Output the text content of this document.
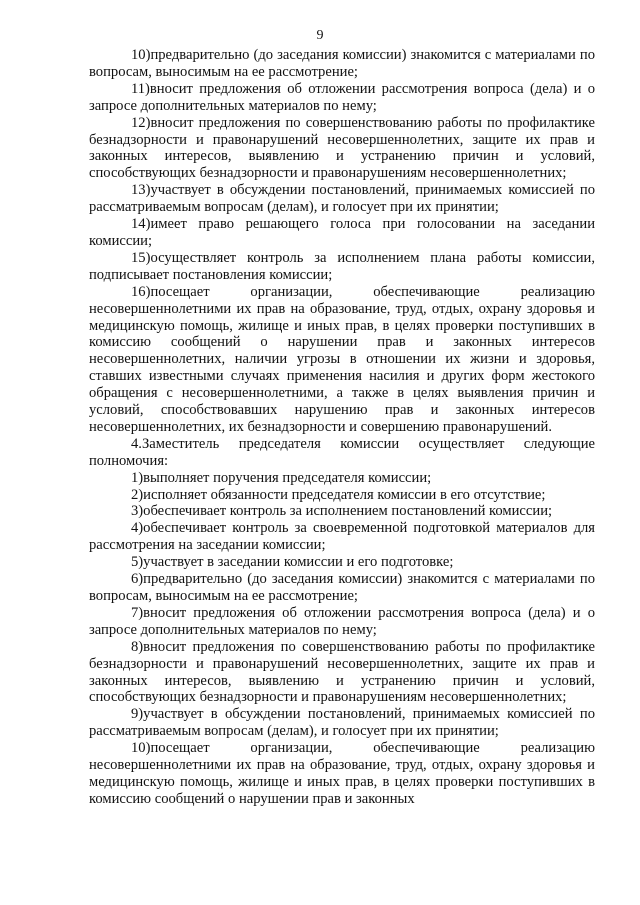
9

10)предварительно (до заседания комиссии) знакомится с материалами по вопросам, выносимым на ее рассмотрение;

11)вносит предложения об отложении рассмотрения вопроса (дела) и о запросе дополнительных материалов по нему;

12)вносит предложения по совершенствованию работы по профилактике безнадзорности и правонарушений несовершеннолетних, защите их прав и законных интересов, выявлению и устранению причин и условий, способствующих безнадзорности и правонарушениям несовершеннолетних;

13)участвует в обсуждении постановлений, принимаемых комиссией по рассматриваемым вопросам (делам), и голосует при их принятии;

14)имеет право решающего голоса при голосовании на заседании комиссии;

15)осуществляет контроль за исполнением плана работы комиссии, подписывает постановления комиссии;

16)посещает организации, обеспечивающие реализацию несовершеннолетними их прав на образование, труд, отдых, охрану здоровья и медицинскую помощь, жилище и иных прав, в целях проверки поступивших в комиссию сообщений о нарушении прав и законных интересов несовершеннолетних, наличии угрозы в отношении их жизни и здоровья, ставших известными случаях применения насилия и других форм жестокого обращения с несовершеннолетними, а также в целях выявления причин и условий, способствовавших нарушению прав и законных интересов несовершеннолетних, их безнадзорности и совершению правонарушений.

4.Заместитель председателя комиссии осуществляет следующие полномочия:

1)выполняет поручения председателя комиссии;

2)исполняет обязанности председателя комиссии в его отсутствие;

3)обеспечивает контроль за исполнением постановлений комиссии;

4)обеспечивает контроль за своевременной подготовкой материалов для рассмотрения на заседании комиссии;

5)участвует в заседании комиссии и его подготовке;

6)предварительно (до заседания комиссии) знакомится с материалами по вопросам, выносимым на ее рассмотрение;

7)вносит предложения об отложении рассмотрения вопроса (дела) и о запросе дополнительных материалов по нему;

8)вносит предложения по совершенствованию работы по профилактике безнадзорности и правонарушений несовершеннолетних, защите их прав и законных интересов, выявлению и устранению причин и условий, способствующих безнадзорности и правонарушениям несовершеннолетних;

9)участвует в обсуждении постановлений, принимаемых комиссией по рассматриваемым вопросам (делам), и голосует при их принятии;

10)посещает организации, обеспечивающие реализацию несовершеннолетними их прав на образование, труд, отдых, охрану здоровья и медицинскую помощь, жилище и иных прав, в целях проверки поступивших в комиссию сообщений о нарушении прав и законных
